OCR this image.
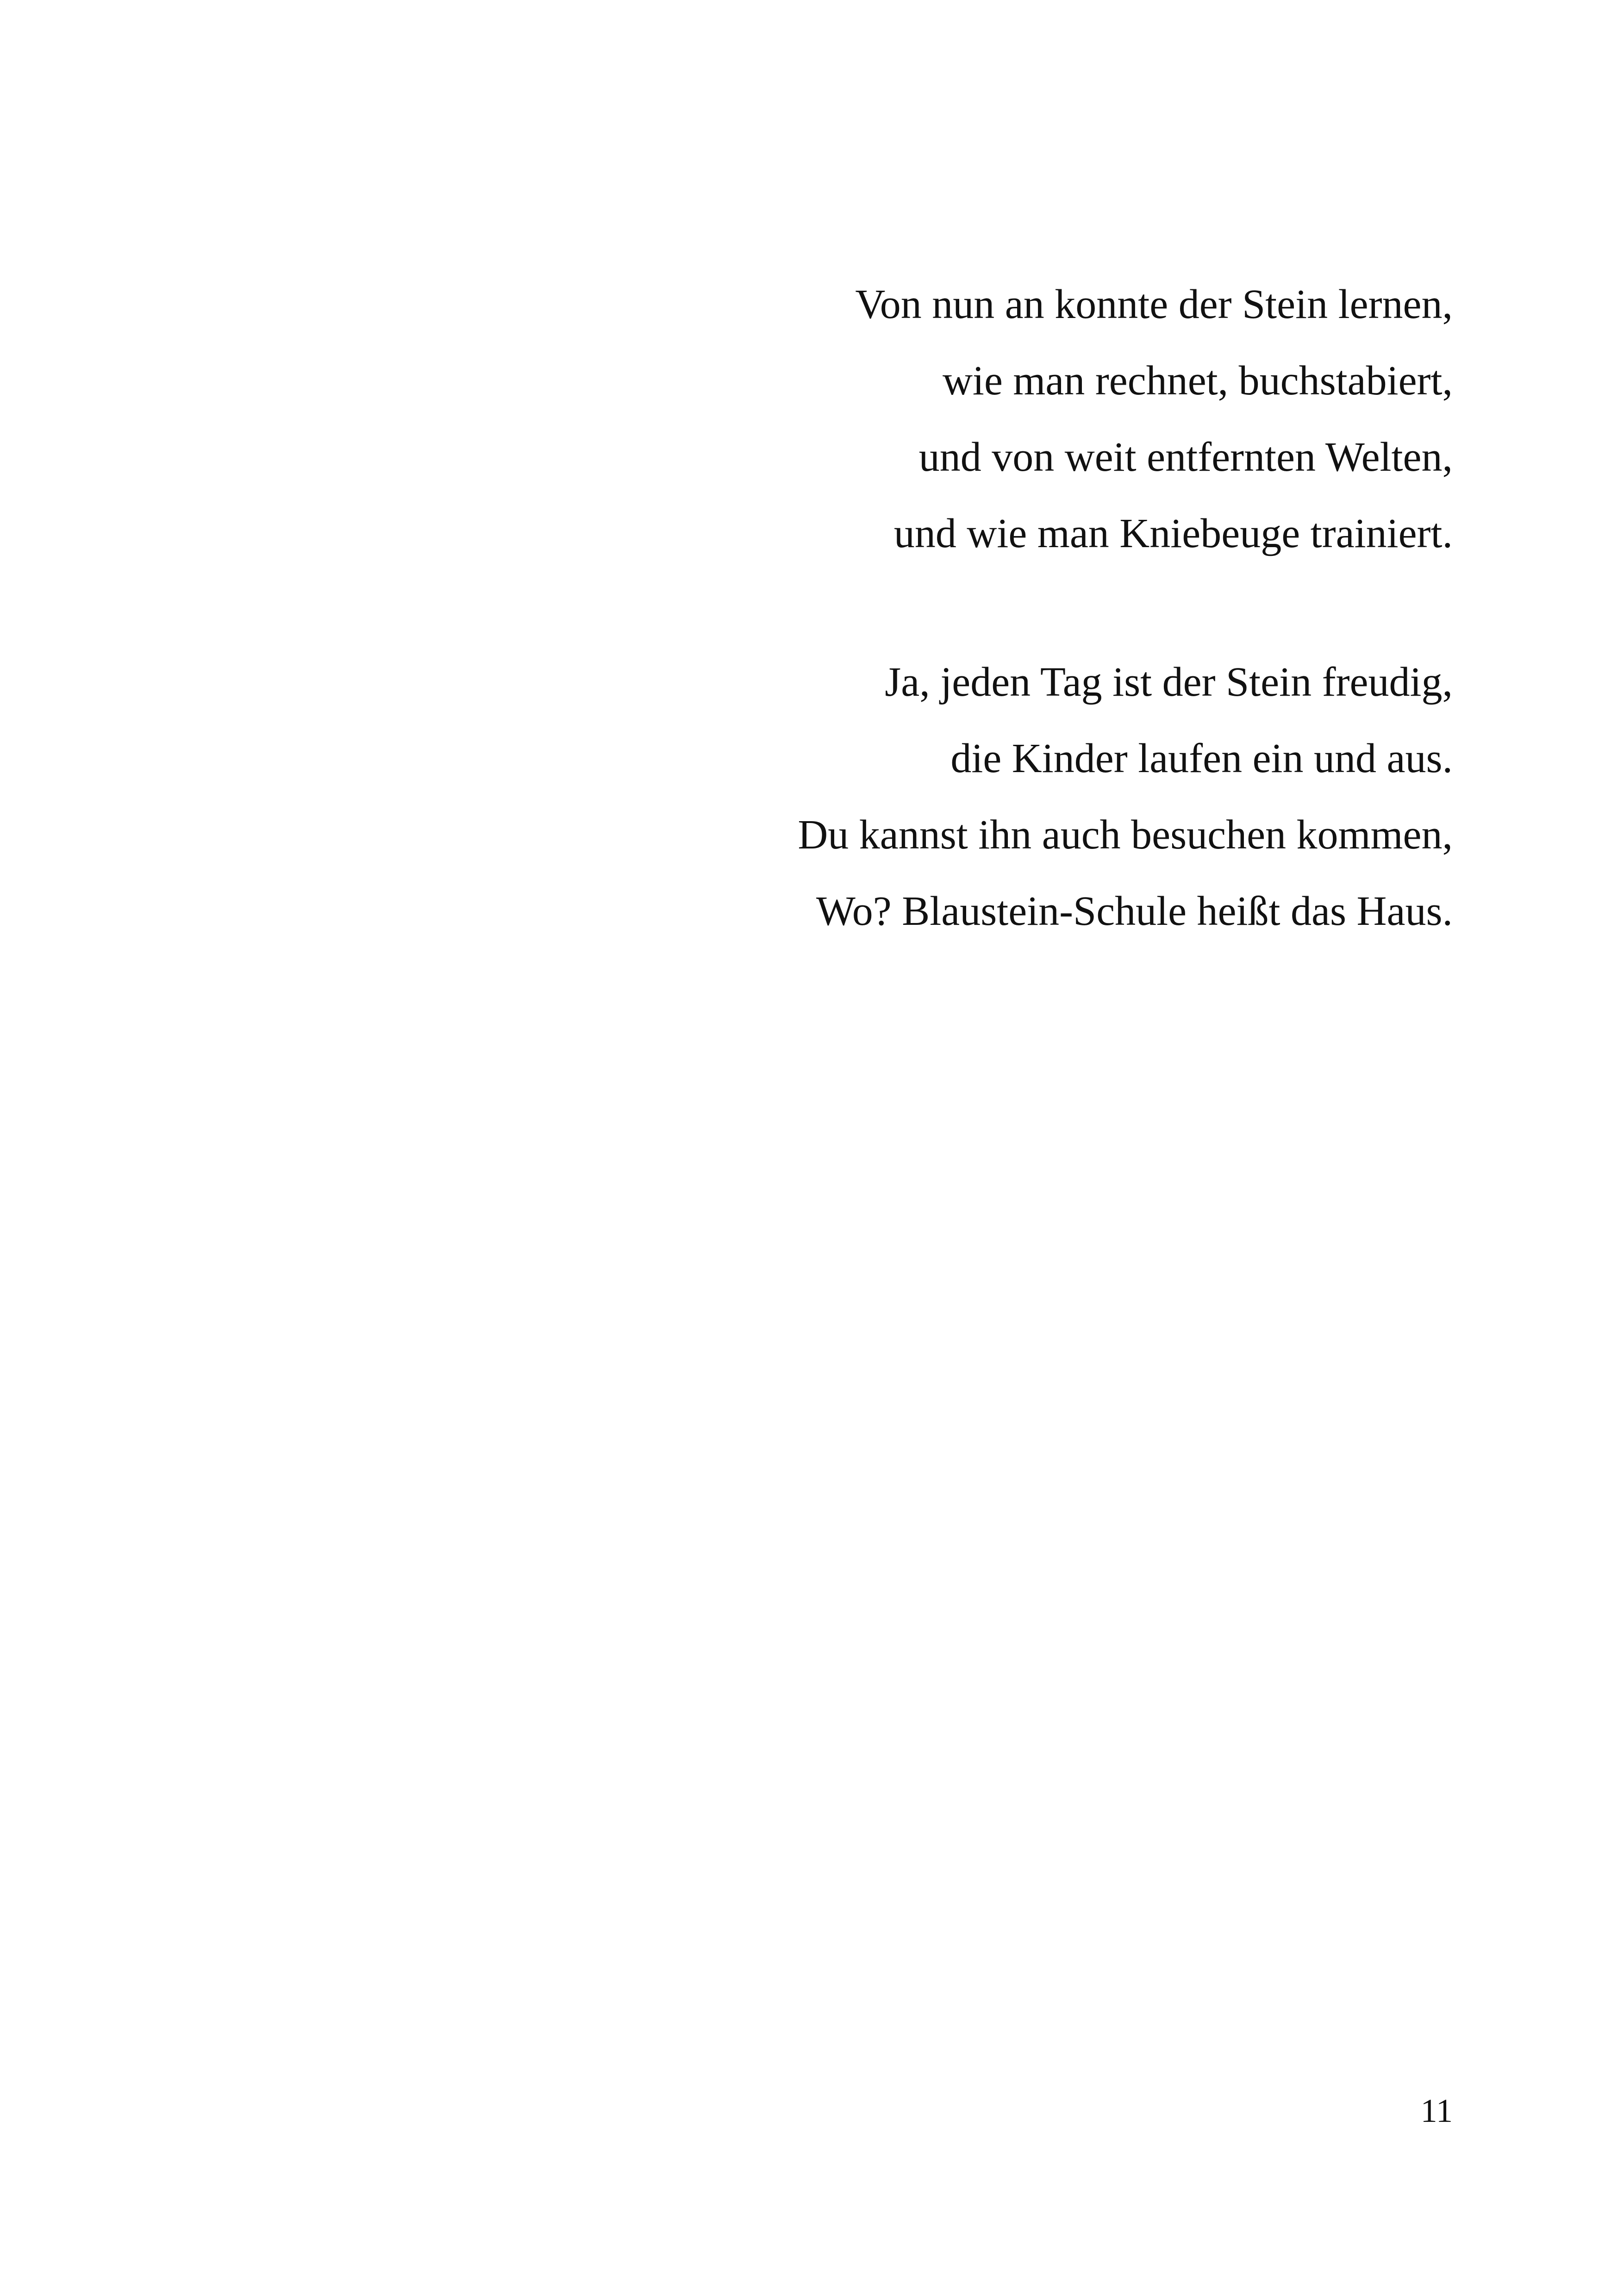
Von nun an konnte der Stein lernen,
wie man rechnet, buchstabiert,
und von weit entfernten Welten,
und wie man Kniebeuge trainiert.

Ja, jeden Tag ist der Stein freudig,
die Kinder laufen ein und aus.
Du kannst ihn auch besuchen kommen,
Wo? Blaustein-Schule heißt das Haus.

11
